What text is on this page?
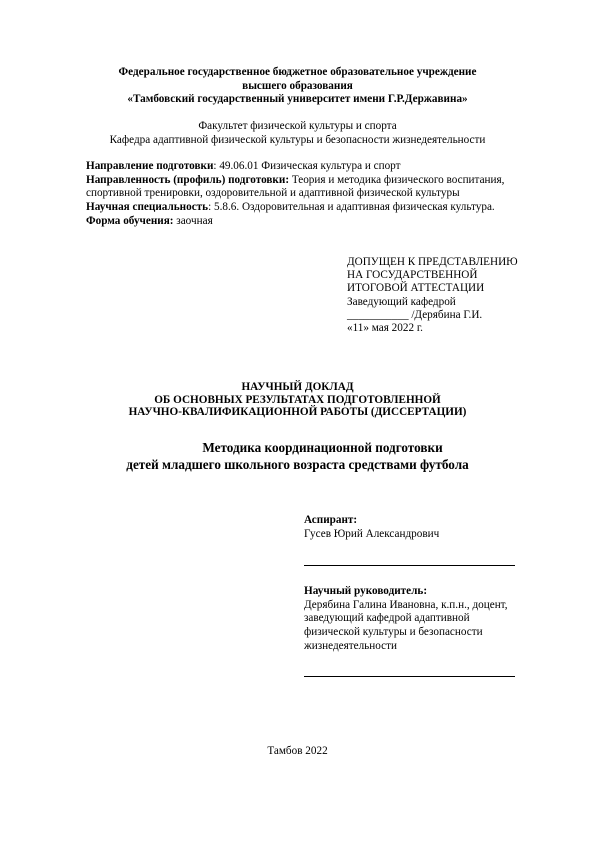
Федеральное государственное бюджетное образовательное учреждение
высшего образования
«Тамбовский государственный университет имени Г.Р.Державина»
Факультет физической культуры и спорта
Кафедра адаптивной физической культуры и безопасности жизнедеятельности
Направление подготовки: 49.06.01 Физическая культура и спорт
Направленность (профиль) подготовки: Теория и методика физического воспитания,
спортивной тренировки, оздоровительной и адаптивной физической культуры
Научная специальность: 5.8.6. Оздоровительная и адаптивная физическая культура.
Форма обучения: заочная
ДОПУЩЕН К ПРЕДСТАВЛЕНИЮ
НА ГОСУДАРСТВЕННОЙ
ИТОГОВОЙ АТТЕСТАЦИИ
Заведующий кафедрой
___________ /Дерябина Г.И.
«11» мая 2022 г.
НАУЧНЫЙ ДОКЛАД
ОБ ОСНОВНЫХ РЕЗУЛЬТАТАХ ПОДГОТОВЛЕННОЙ
НАУЧНО-КВАЛИФИКАЦИОННОЙ РАБОТЫ (ДИССЕРТАЦИИ)
Методика координационной подготовки
детей младшего школьного возраста средствами футбола
Аспирант:
Гусев Юрий Александрович
Научный руководитель:
Дерябина Галина Ивановна, к.п.н., доцент,
заведующий кафедрой адаптивной
физической культуры и безопасности
жизнедеятельности
Тамбов 2022
